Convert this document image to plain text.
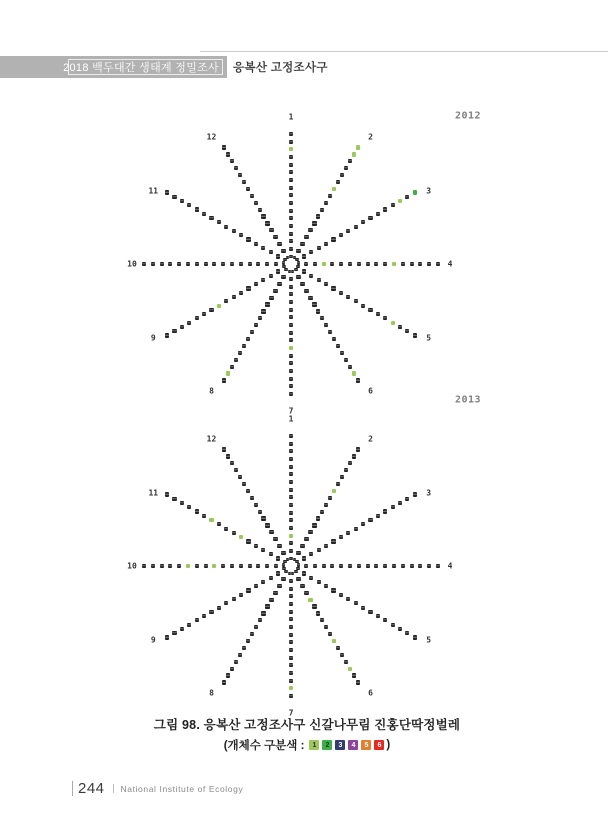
2018 백두대간 생태계 정밀조사 응복산 고정조사구
2012
1
2
3
4
5
6
7
8
9
10
11
12
2013
1
2
3
4
5
6
7
8
9
10
11
12
그림 98. 응복산 고정조사구 신갈나무림 진홍단딱정벌레
(개체수 구분색 :	1	2	3	4	5	6 )
244 National Institute of Ecology
